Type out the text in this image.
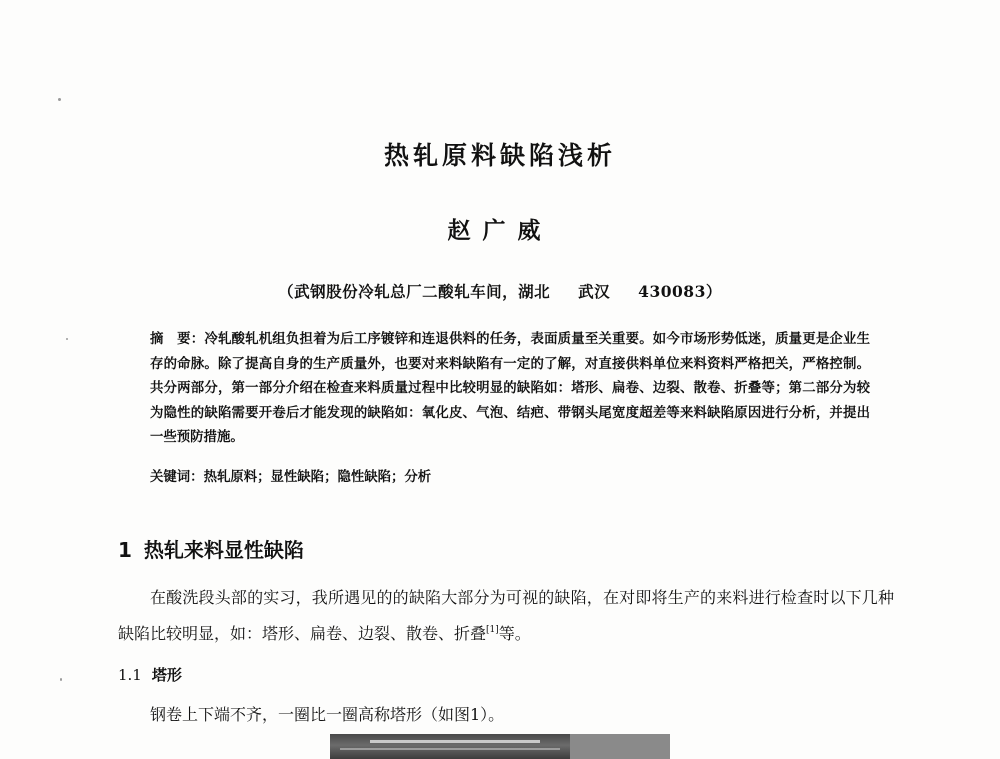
热轧原料缺陷浅析
赵广威
（武钢股份冷轧总厂二酸轧车间，湖北 武汉 430083）
摘　要：冷轧酸轧机组负担着为后工序镀锌和连退供料的任务，表面质量至关重要。如今市场形势低迷，质量更是企业生存的命脉。除了提高自身的生产质量外，也要对来料缺陷有一定的了解，对直接供料单位来料资料严格把关，严格控制。共分两部分，第一部分介绍在检查来料质量过程中比较明显的缺陷如：塔形、扁卷、边裂、散卷、折叠等；第二部分为较为隐性的缺陷需要开卷后才能发现的缺陷如：氧化皮、气泡、结疤、带钢头尾宽度超差等来料缺陷原因进行分析，并提出一些预防措施。
关键词：热轧原料；显性缺陷；隐性缺陷；分析
1 热轧来料显性缺陷
在酸洗段头部的实习，我所遇见的的缺陷大部分为可视的缺陷，在对即将生产的来料进行检查时以下几种缺陷比较明显，如：塔形、扁卷、边裂、散卷、折叠[1]等。
1.1 塔形
钢卷上下端不齐，一圈比一圈高称塔形（如图1）。
